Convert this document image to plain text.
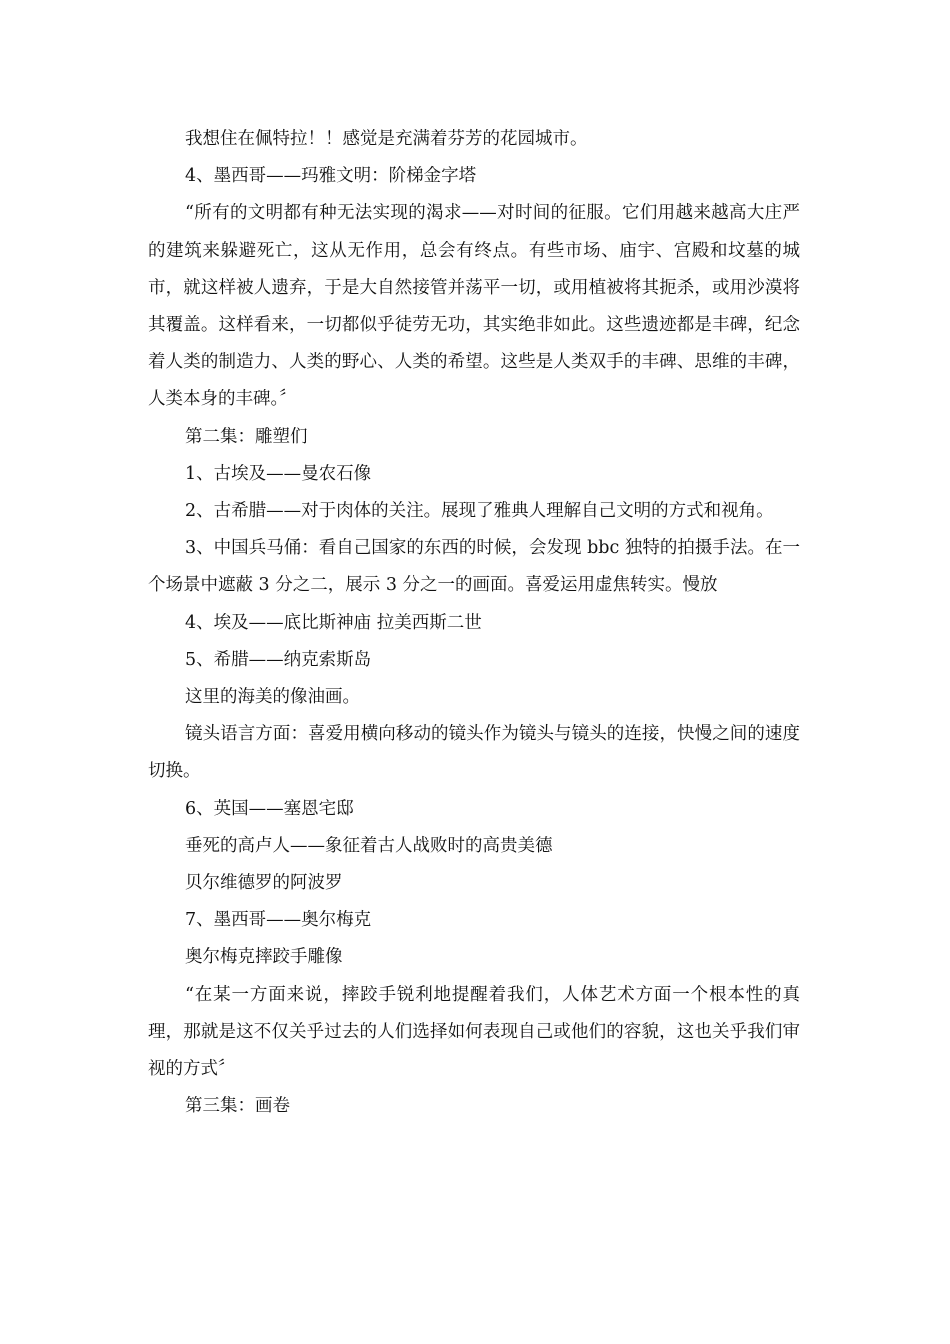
我想住在佩特拉！！感觉是充满着芬芳的花园城市。

4、墨西哥——玛雅文明：阶梯金字塔

“所有的文明都有种无法实现的渴求——对时间的征服。它们用越来越高大庄严的建筑来躲避死亡，这从无作用，总会有终点。有些市场、庙宇、宫殿和坟墓的城市，就这样被人遗弃，于是大自然接管并荡平一切，或用植被将其扼杀，或用沙漠将其覆盖。这样看来，一切都似乎徒劳无功，其实绝非如此。这些遗迹都是丰碑，纪念着人类的制造力、人类的野心、人类的希望。这些是人类双手的丰碑、思维的丰碑，人类本身的丰碑。〞

第二集：雕塑们

1、古埃及——曼农石像

2、古希腊——对于肉体的关注。展现了雅典人理解自己文明的方式和视角。

3、中国兵马俑：看自己国家的东西的时候，会发现 bbc 独特的拍摄手法。在一个场景中遮蔽 3 分之二，展示 3 分之一的画面。喜爱运用虚焦转实。慢放

4、埃及——底比斯神庙 拉美西斯二世

5、希腊——纳克索斯岛

这里的海美的像油画。

镜头语言方面：喜爱用横向移动的镜头作为镜头与镜头的连接，快慢之间的速度切换。

6、英国——塞恩宅邸

垂死的高卢人——象征着古人战败时的高贵美德

贝尔维德罗的阿波罗

7、墨西哥——奥尔梅克

奥尔梅克摔跤手雕像

“在某一方面来说，摔跤手锐利地提醒着我们，人体艺术方面一个根本性的真理，那就是这不仅关乎过去的人们选择如何表现自己或他们的容貌，这也关乎我们审视的方式〞

第三集：画卷
